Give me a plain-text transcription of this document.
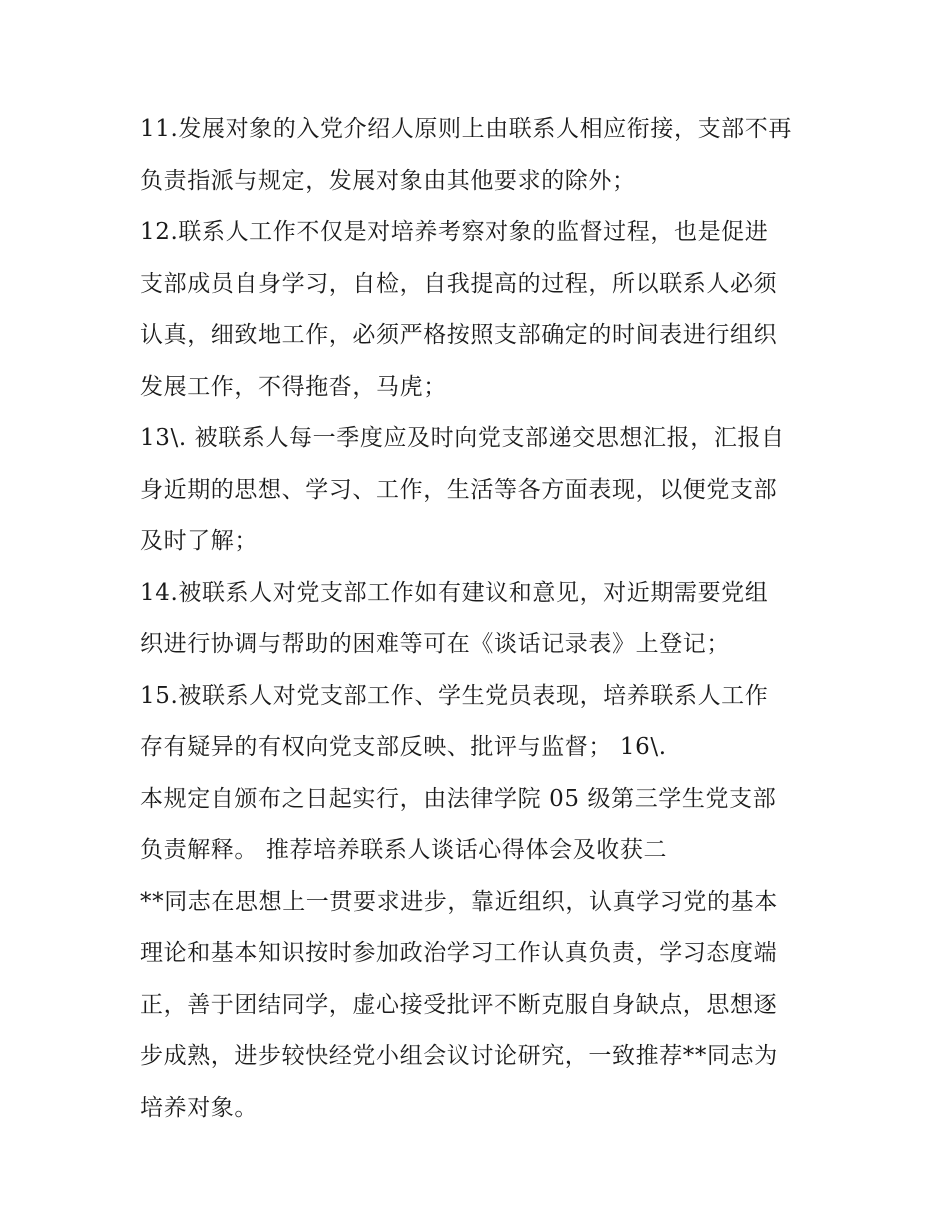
11.发展对象的入党介绍人原则上由联系人相应衔接，支部不再
负责指派与规定，发展对象由其他要求的除外；
12.联系人工作不仅是对培养考察对象的监督过程，也是促进
支部成员自身学习，自检，自我提高的过程，所以联系人必须
认真，细致地工作，必须严格按照支部确定的时间表进行组织
发展工作，不得拖沓，马虎；
13\. 被联系人每一季度应及时向党支部递交思想汇报，汇报自
身近期的思想、学习、工作，生活等各方面表现，以便党支部
及时了解；
14.被联系人对党支部工作如有建议和意见，对近期需要党组
织进行协调与帮助的困难等可在《谈话记录表》上登记；
15.被联系人对党支部工作、学生党员表现，培养联系人工作
存有疑异的有权向党支部反映、批评与监督； 16\.
本规定自颁布之日起实行，由法律学院 05 级第三学生党支部
负责解释。 推荐培养联系人谈话心得体会及收获二
**同志在思想上一贯要求进步，靠近组织，认真学习党的基本
理论和基本知识按时参加政治学习工作认真负责，学习态度端
正，善于团结同学，虚心接受批评不断克服自身缺点，思想逐
步成熟，进步较快经党小组会议讨论研究，一致推荐**同志为
培养对象。
